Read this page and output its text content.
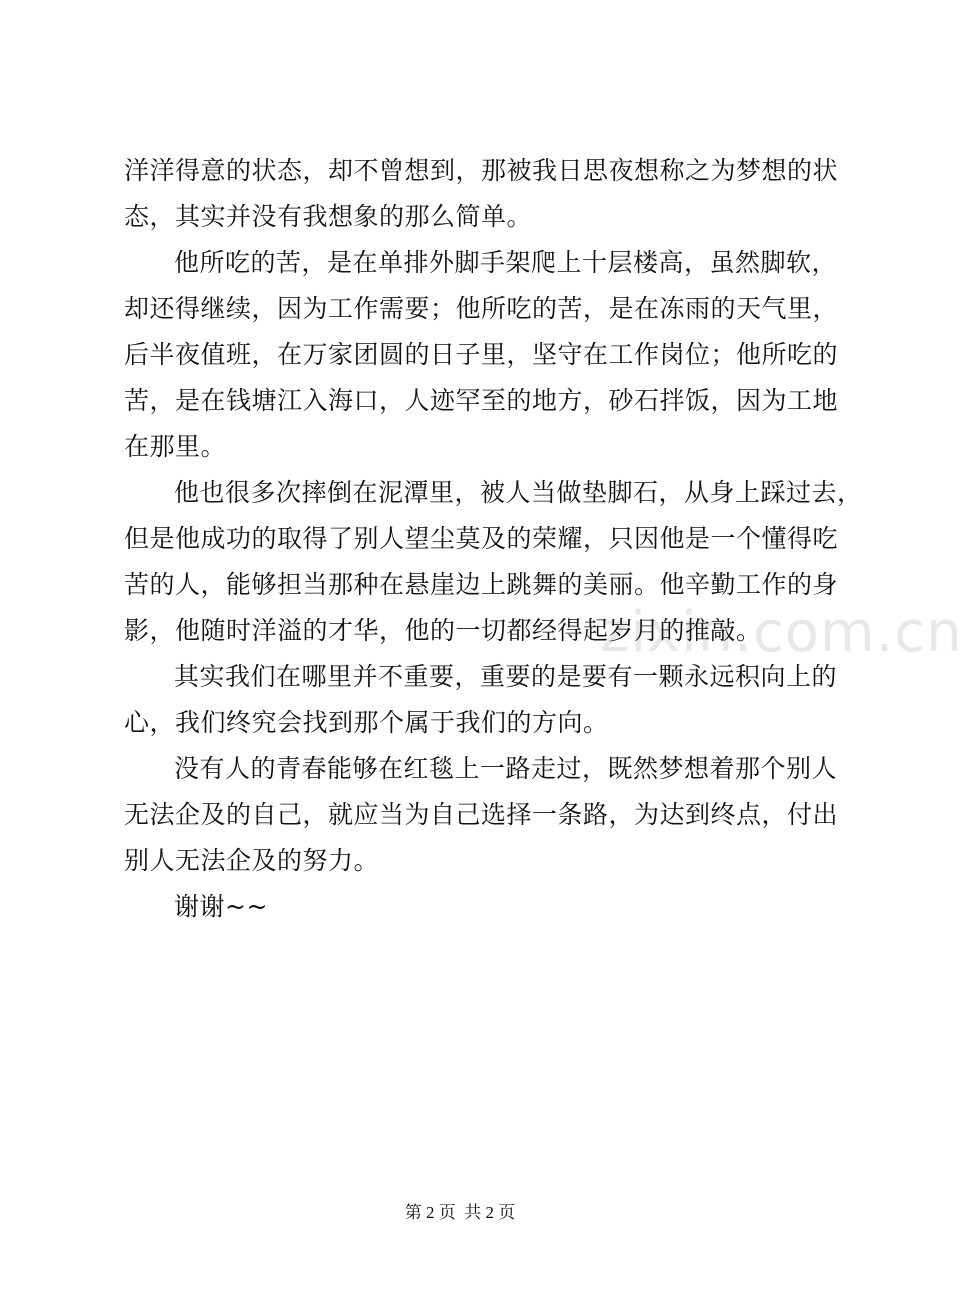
zixin.com.cn
洋洋得意的状态，却不曾想到，那被我日思夜想称之为梦想的状
态，其实并没有我想象的那么简单。
他所吃的苦，是在单排外脚手架爬上十层楼高，虽然脚软，
却还得继续，因为工作需要；他所吃的苦，是在冻雨的天气里，
后半夜值班，在万家团圆的日子里，坚守在工作岗位；他所吃的
苦，是在钱塘江入海口，人迹罕至的地方，砂石拌饭，因为工地
在那里。
他也很多次摔倒在泥潭里，被人当做垫脚石，从身上踩过去，
但是他成功的取得了别人望尘莫及的荣耀，只因他是一个懂得吃
苦的人，能够担当那种在悬崖边上跳舞的美丽。他辛勤工作的身
影，他随时洋溢的才华，他的一切都经得起岁月的推敲。
其实我们在哪里并不重要，重要的是要有一颗永远积向上的
心，我们终究会找到那个属于我们的方向。
没有人的青春能够在红毯上一路走过，既然梦想着那个别人
无法企及的自己，就应当为自己选择一条路，为达到终点，付出
别人无法企及的努力。
谢谢~~
第 2 页  共 2 页
